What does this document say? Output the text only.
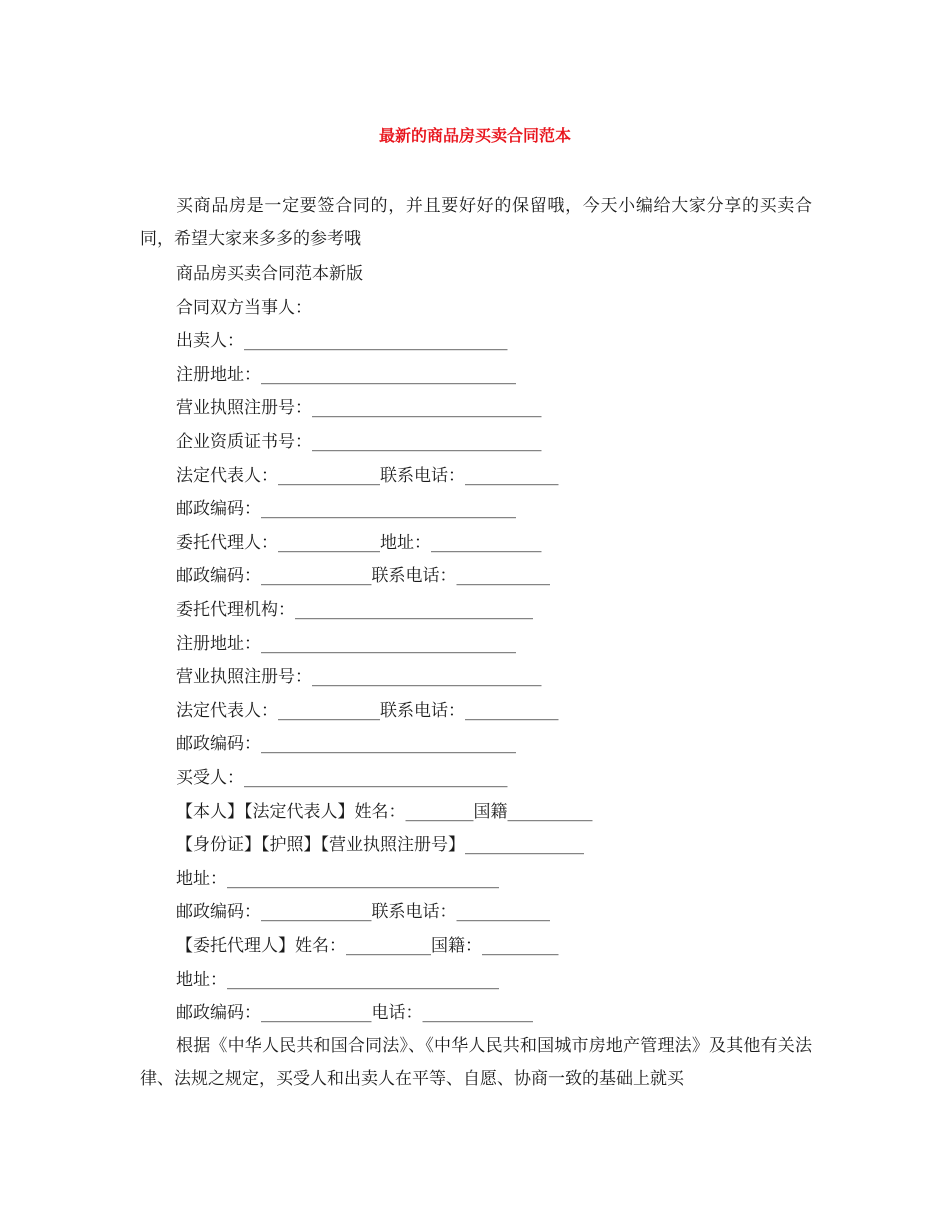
最新的商品房买卖合同范本

买商品房是一定要签合同的，并且要好好的保留哦，今天小编给大家分享的买卖合同，希望大家来多多的参考哦

商品房买卖合同范本新版
合同双方当事人：
出卖人：_______________________________
注册地址：______________________________
营业执照注册号：___________________________
企业资质证书号：___________________________
法定代表人：____________联系电话：___________
邮政编码：______________________________
委托代理人：____________地址：_____________
邮政编码：_____________联系电话：___________
委托代理机构：____________________________
注册地址：______________________________
营业执照注册号：___________________________
法定代表人：____________联系电话：___________
邮政编码：______________________________
买受人：_______________________________
【本人】【法定代表人】姓名：________国籍__________
【身份证】【护照】【营业执照注册号】______________
地址：________________________________
邮政编码：_____________联系电话：___________
【委托代理人】姓名：__________国籍：_________
地址：________________________________
邮政编码：_____________电话：_____________

根据《中华人民共和国合同法》、《中华人民共和国城市房地产管理法》及其他有关法律、法规之规定，买受人和出卖人在平等、自愿、协商一致的基础上就买
